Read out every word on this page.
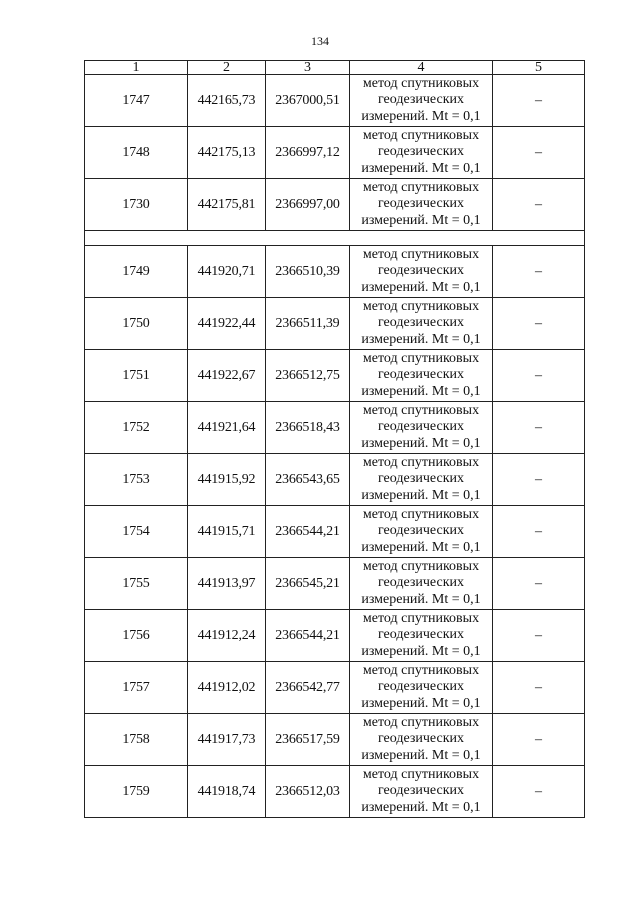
134
1	2	3	4	5
1747	442165,73	2367000,51	метод спутниковых геодезических измерений. Mt = 0,1	–
1748	442175,13	2366997,12	метод спутниковых геодезических измерений. Mt = 0,1	–
1730	442175,81	2366997,00	метод спутниковых геодезических измерений. Mt = 0,1	–

1749	441920,71	2366510,39	метод спутниковых геодезических измерений. Mt = 0,1	–
1750	441922,44	2366511,39	метод спутниковых геодезических измерений. Mt = 0,1	–
1751	441922,67	2366512,75	метод спутниковых геодезических измерений. Mt = 0,1	–
1752	441921,64	2366518,43	метод спутниковых геодезических измерений. Mt = 0,1	–
1753	441915,92	2366543,65	метод спутниковых геодезических измерений. Mt = 0,1	–
1754	441915,71	2366544,21	метод спутниковых геодезических измерений. Mt = 0,1	–
1755	441913,97	2366545,21	метод спутниковых геодезических измерений. Mt = 0,1	–
1756	441912,24	2366544,21	метод спутниковых геодезических измерений. Mt = 0,1	–
1757	441912,02	2366542,77	метод спутниковых геодезических измерений. Mt = 0,1	–
1758	441917,73	2366517,59	метод спутниковых геодезических измерений. Mt = 0,1	–
1759	441918,74	2366512,03	метод спутниковых геодезических измерений. Mt = 0,1	–
